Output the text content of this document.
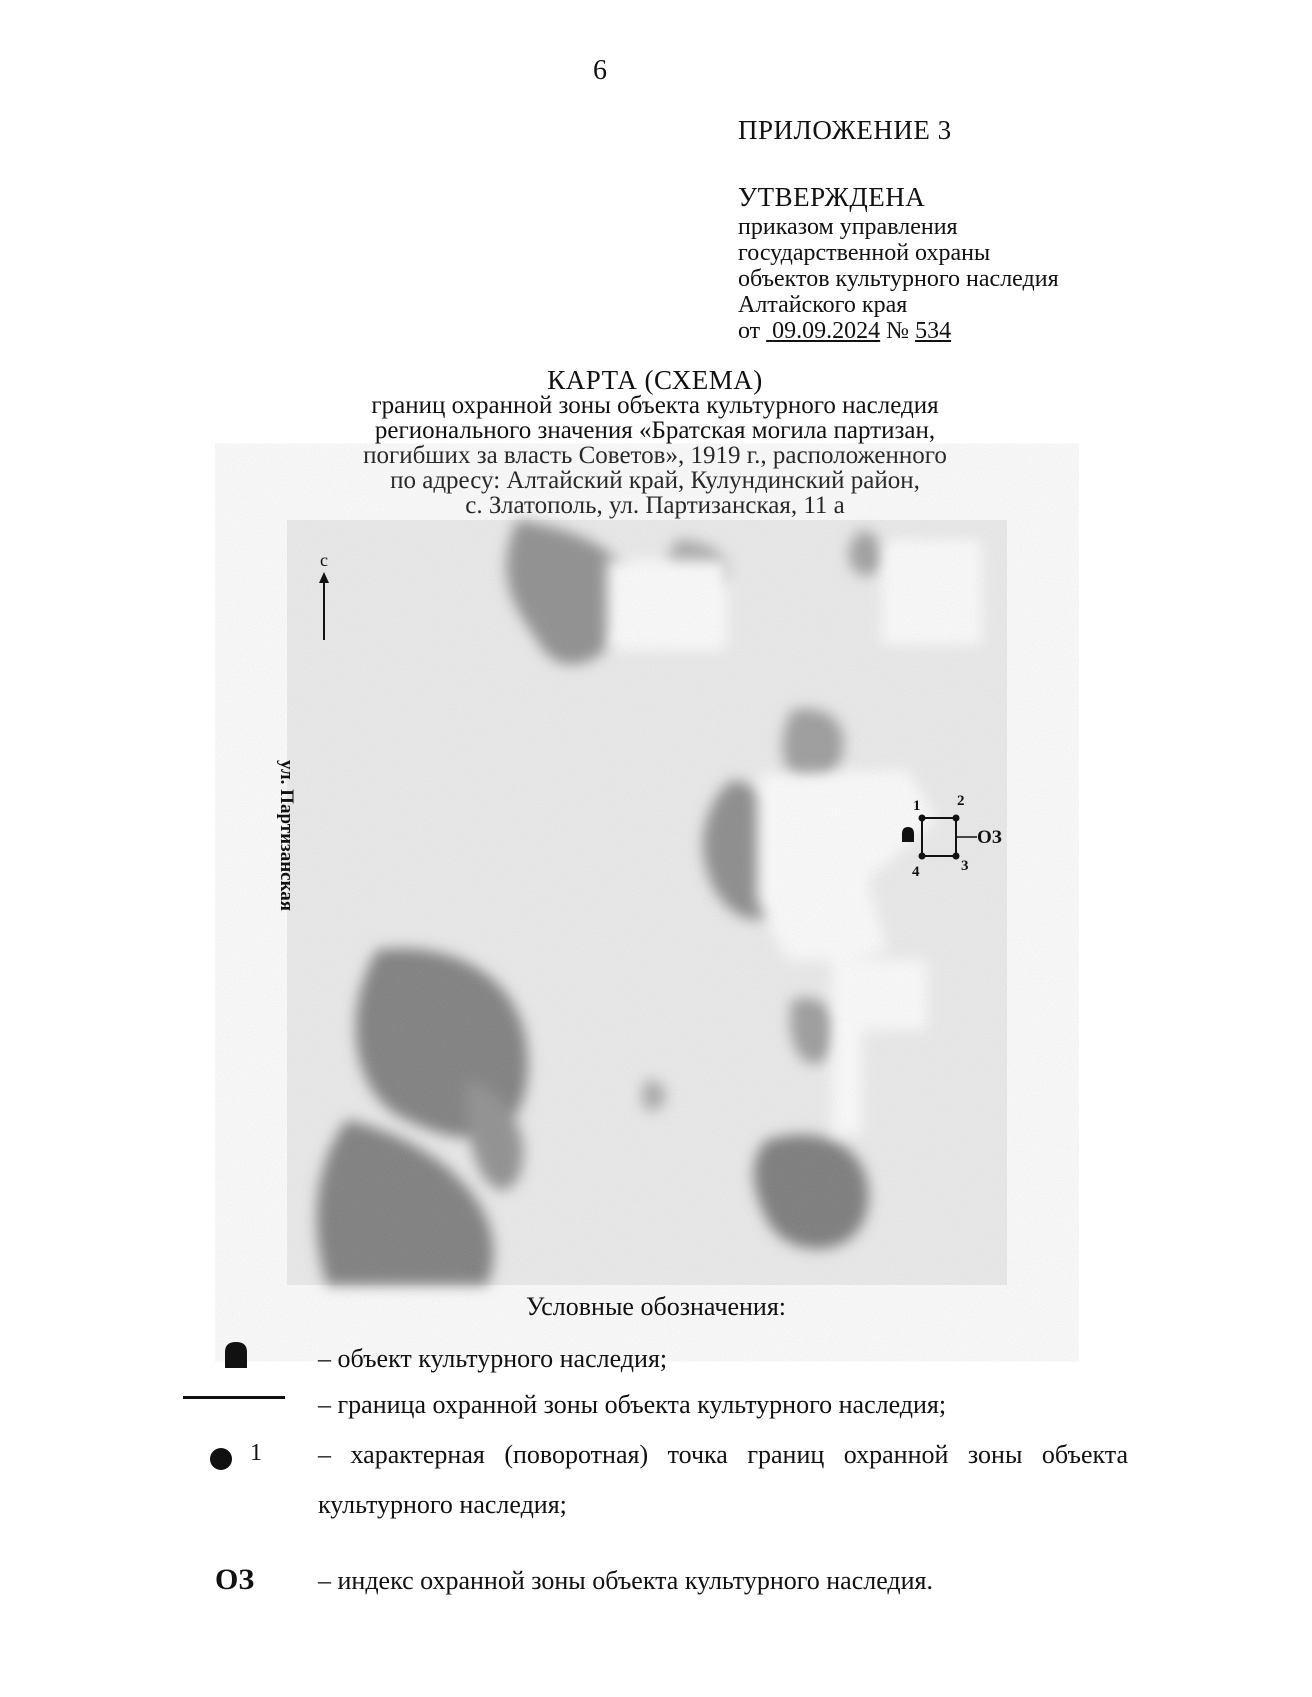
6
ПРИЛОЖЕНИЕ 3
УТВЕРЖДЕНА
приказом управления
государственной охраны
объектов культурного наследия
Алтайского края
от 09.09.2024 № 534
КАРТА (СХЕМА)
границ охранной зоны объекта культурного наследия
регионального значения «Братская могила партизан,
погибших за власть Советов», 1919 г., расположенного
по адресу: Алтайский край, Кулундинский район,
с. Златополь, ул. Партизанская, 11 а
с
ул. Партизанская	1 2
3
4
ОЗ
Условные обозначения:
– объект культурного наследия;
– граница охранной зоны объекта культурного наследия;
1 – характерная (поворотная) точка границ охранной зоны объекта
культурного наследия;
ОЗ – индекс охранной зоны объекта культурного наследия.
